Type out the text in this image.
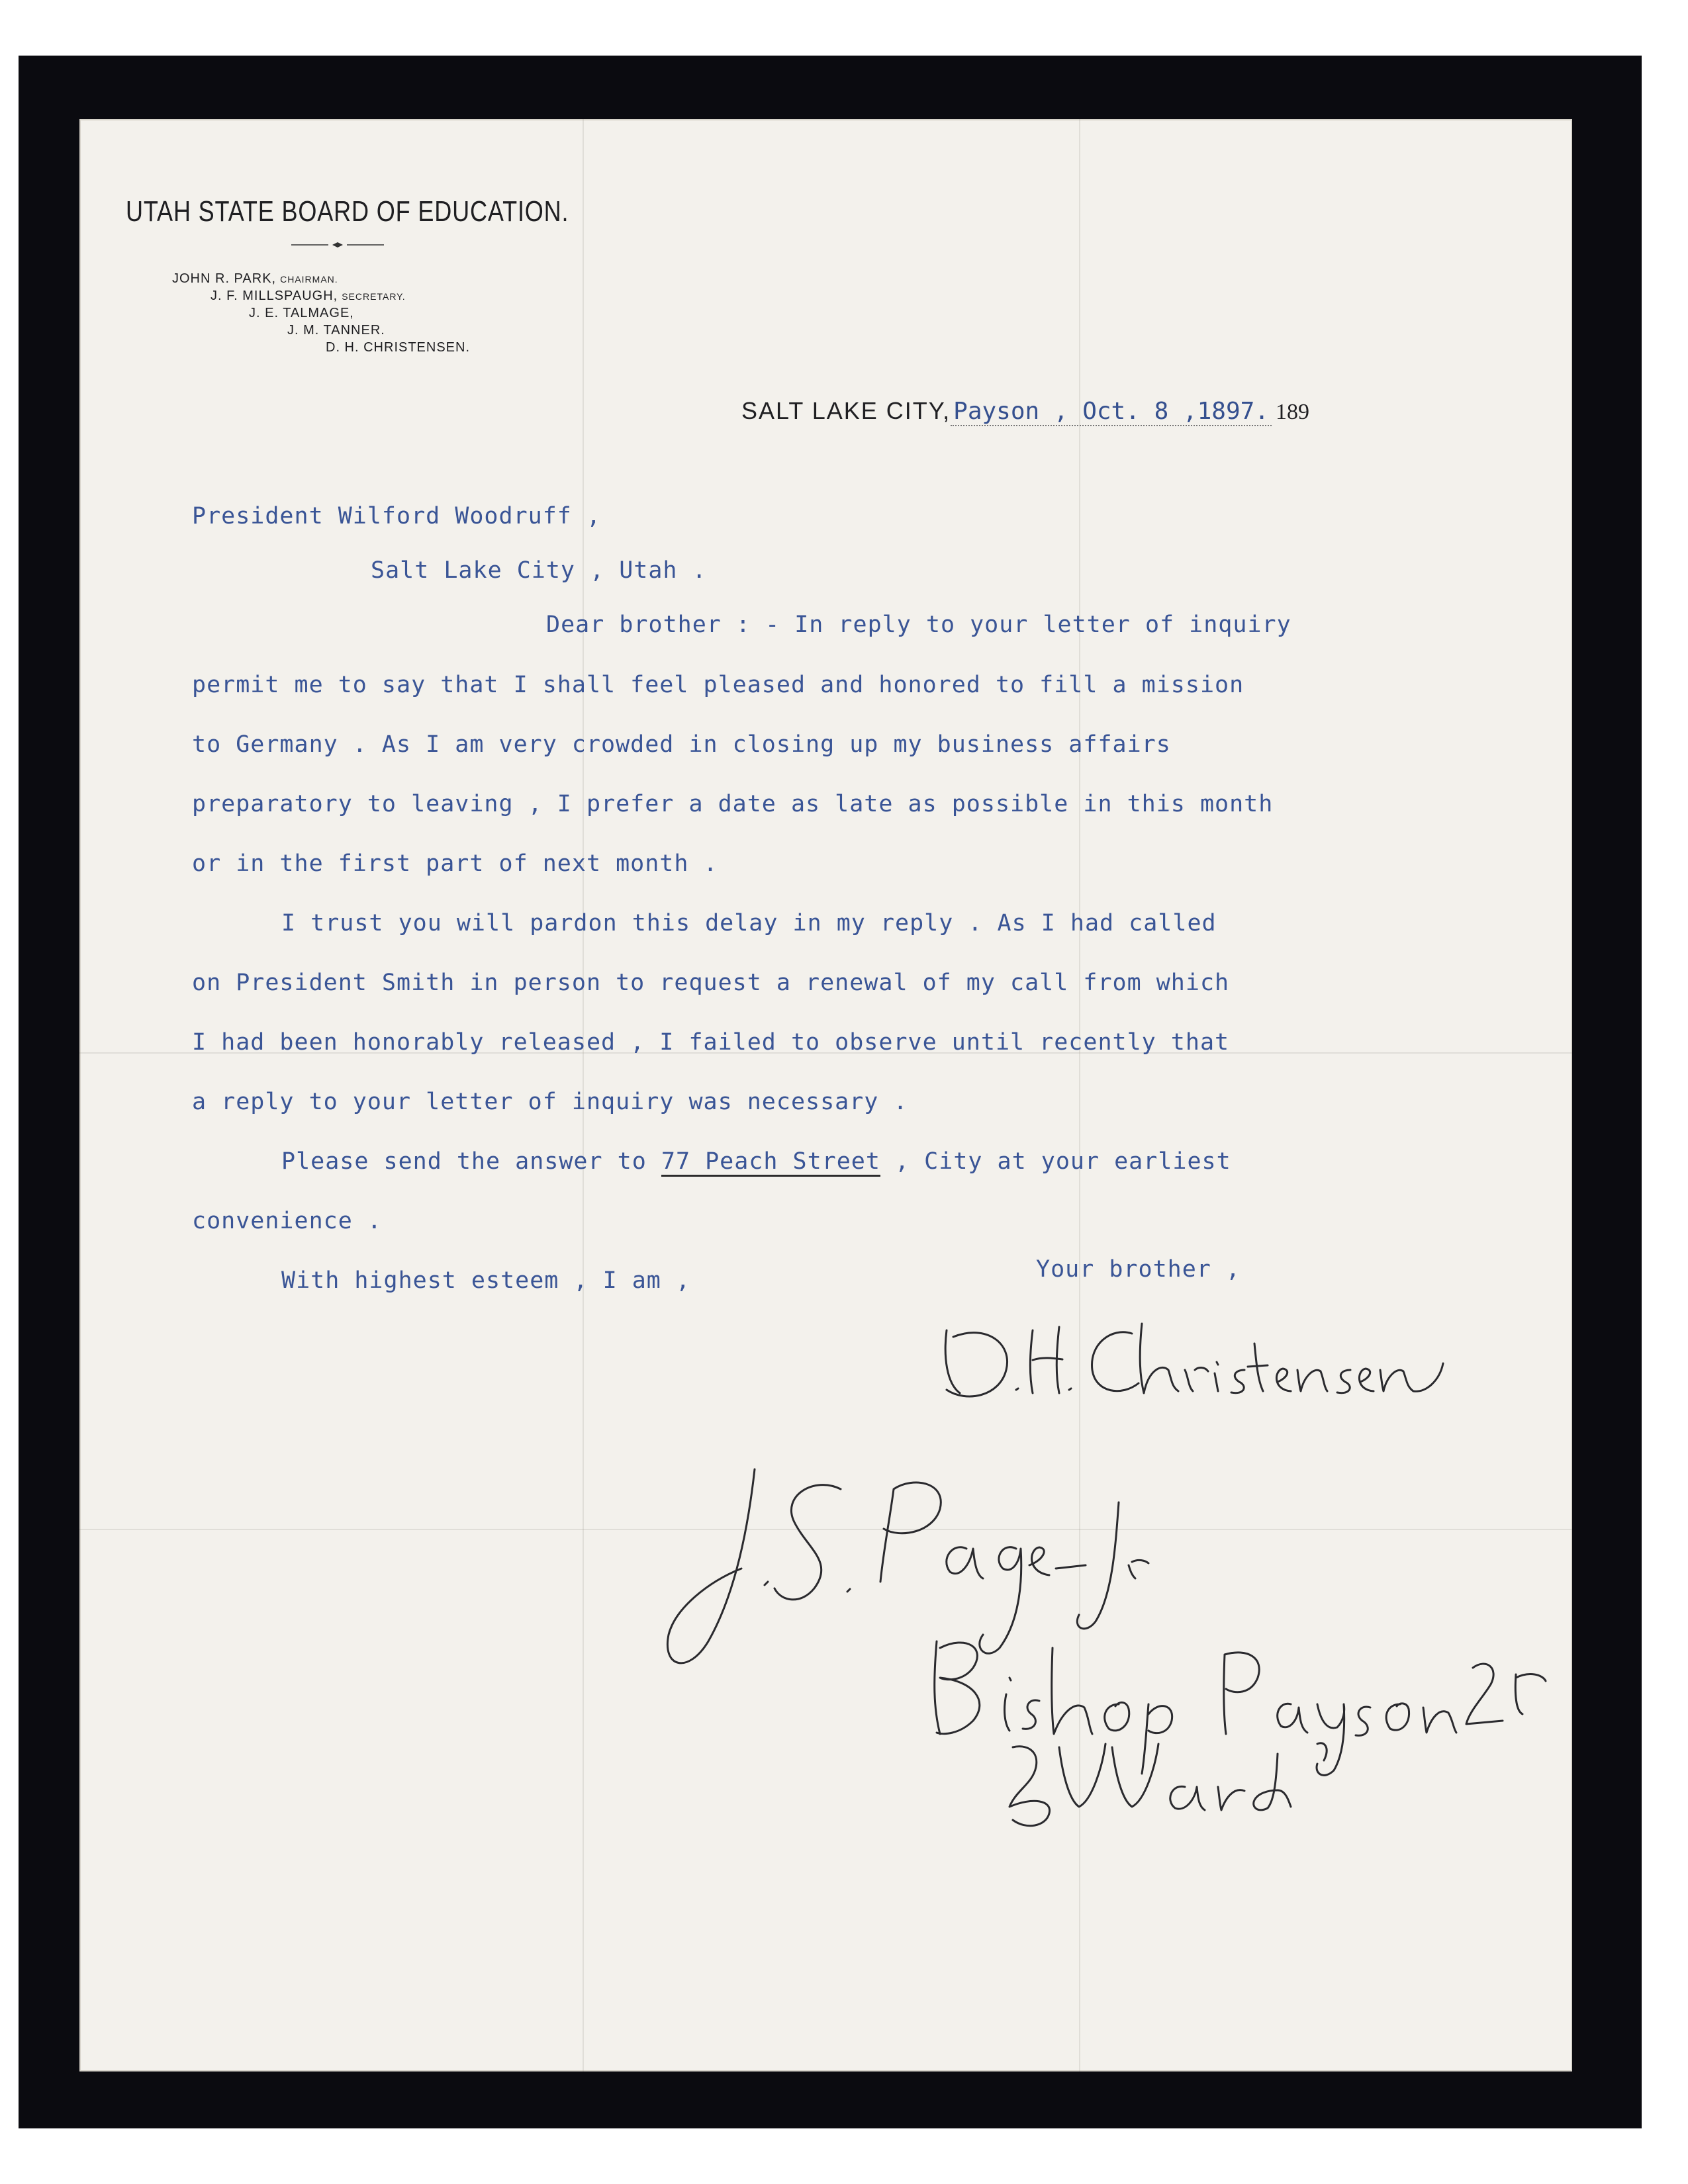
UTAH STATE BOARD OF EDUCATION.
JOHN R. PARK, CHAIRMAN.
J. F. MILLSPAUGH, SECRETARY.
J. E. TALMAGE,
J. M. TANNER.
D. H. CHRISTENSEN.
SALT LAKE CITY, Payson , Oct. 8 ,1897. 189
President Wilford Woodruff ,
Salt Lake City , Utah .
Dear brother : - In reply to your letter of inquiry
permit me to say that I shall feel pleased and honored to fill a mission
to Germany . As I am very crowded in closing up my business affairs
preparatory to leaving , I prefer a date as late as possible in this month
or in the first part of next month .
I trust you will pardon this delay in my reply . As I had called
on President Smith in person to request a renewal of my call from which
I had been honorably released , I failed to observe until recently that
a reply to your letter of inquiry was necessary .
Please send the answer to 77 Peach Street , City at your earliest
convenience .
With highest esteem , I am ,	Your brother ,
